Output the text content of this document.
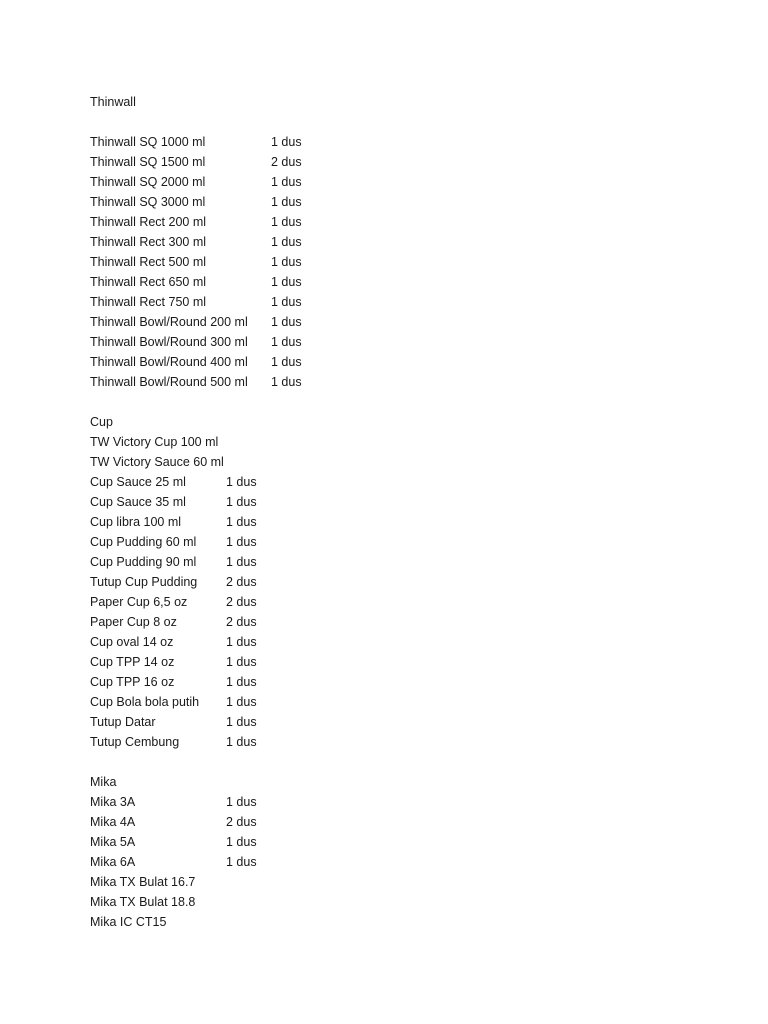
Thinwall
Thinwall SQ 1000 ml	1 dus
Thinwall SQ 1500 ml	2 dus
Thinwall SQ 2000 ml	1 dus
Thinwall SQ 3000 ml	1 dus
Thinwall Rect 200 ml	1 dus
Thinwall Rect 300 ml	1 dus
Thinwall Rect 500 ml	1 dus
Thinwall Rect 650 ml	1 dus
Thinwall Rect 750 ml	1 dus
Thinwall Bowl/Round 200 ml 1 dus
Thinwall Bowl/Round 300 ml 1 dus
Thinwall Bowl/Round 400 ml 1 dus
Thinwall Bowl/Round 500 ml 1 dus
Cup
TW Victory Cup 100 ml
TW Victory Sauce 60 ml
Cup Sauce 25 ml	1 dus
Cup Sauce 35 ml	1 dus
Cup libra 100 ml	1 dus
Cup Pudding 60 ml 1 dus
Cup Pudding 90 ml 1 dus
Tutup Cup Pudding 2 dus
Paper Cup 6,5 oz	2 dus
Paper Cup 8 oz	2 dus
Cup oval 14 oz	1 dus
Cup TPP 14 oz	1 dus
Cup TPP 16 oz	1 dus
Cup Bola bola putih 1 dus
Tutup Datar	1 dus
Tutup Cembung	1 dus
Mika
Mika 3A	1 dus
Mika 4A	2 dus
Mika 5A	1 dus
Mika 6A	1 dus
Mika TX Bulat 16.7
Mika TX Bulat 18.8
Mika IC CT15
